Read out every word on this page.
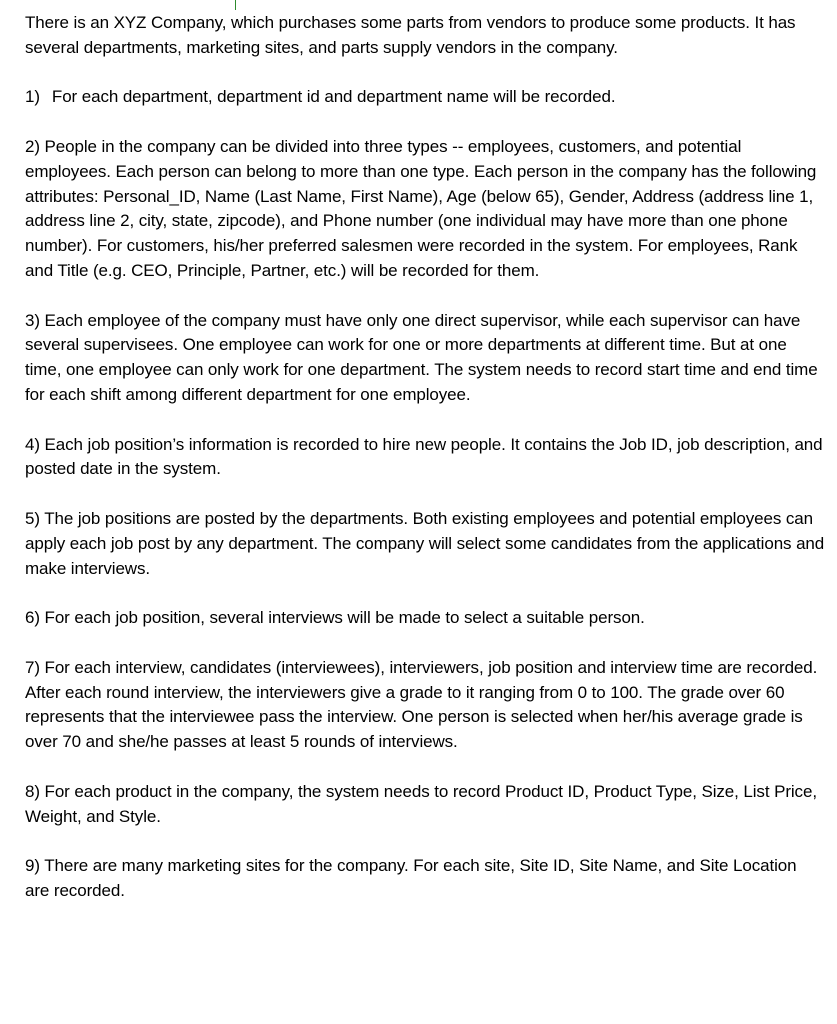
There is an XYZ Company, which purchases some parts from vendors to produce some products. It has several departments, marketing sites, and parts supply vendors in the company.

1) For each department, department id and department name will be recorded.

2) People in the company can be divided into three types -- employees, customers, and potential employees. Each person can belong to more than one type. Each person in the company has the following attributes: Personal_ID, Name (Last Name, First Name), Age (below 65), Gender, Address (address line 1, address line 2, city, state, zipcode), and Phone number (one individual may have more than one phone number). For customers, his/her preferred salesmen were recorded in the system. For employees, Rank and Title (e.g. CEO, Principle, Partner, etc.) will be recorded for them.

3) Each employee of the company must have only one direct supervisor, while each supervisor can have several supervisees. One employee can work for one or more departments at different time. But at one time, one employee can only work for one department. The system needs to record start time and end time for each shift among different department for one employee.

4) Each job position’s information is recorded to hire new people. It contains the Job ID, job description, and posted date in the system.

5) The job positions are posted by the departments. Both existing employees and potential employees can apply each job post by any department. The company will select some candidates from the applications and make interviews.

6) For each job position, several interviews will be made to select a suitable person.

7) For each interview, candidates (interviewees), interviewers, job position and interview time are recorded. After each round interview, the interviewers give a grade to it ranging from 0 to 100. The grade over 60 represents that the interviewee pass the interview. One person is selected when her/his average grade is over 70 and she/he passes at least 5 rounds of interviews.

8) For each product in the company, the system needs to record Product ID, Product Type, Size, List Price, Weight, and Style.

9) There are many marketing sites for the company. For each site, Site ID, Site Name, and Site Location are recorded.
